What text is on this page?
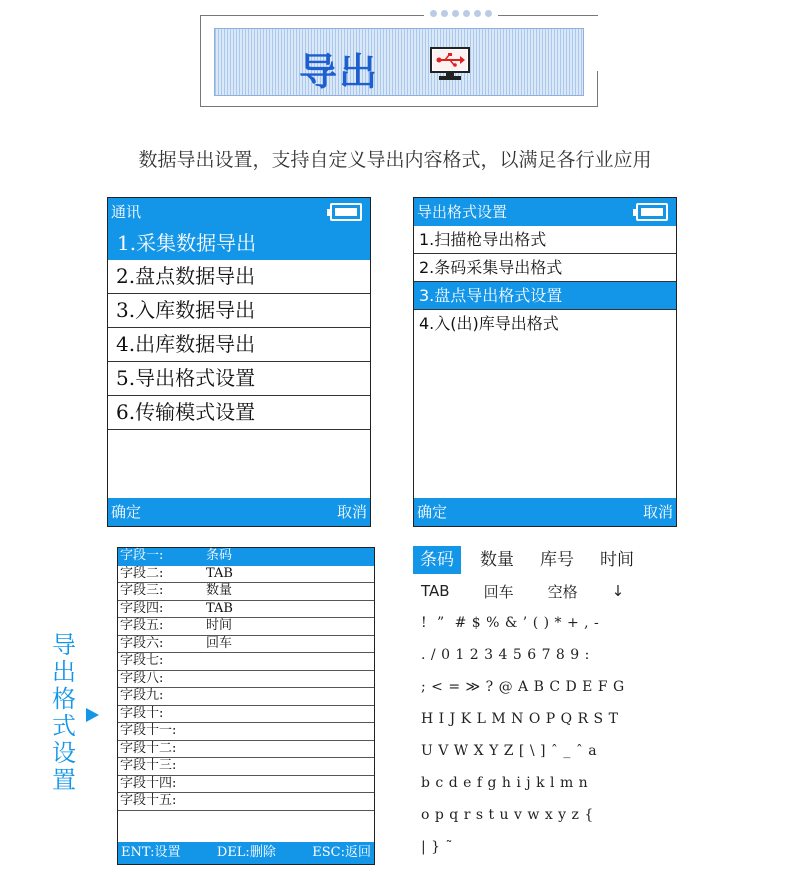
导出
数据导出设置，支持自定义导出内容格式，以满足各行业应用
通讯
1.采集数据导出
2.盘点数据导出
3.入库数据导出
4.出库数据导出
5.导出格式设置
6.传输模式设置
确定	取消
导出格式设置
1.扫描枪导出格式
2.条码采集导出格式
3.盘点导出格式设置
4.入(出)库导出格式
确定	取消
导
出
格
式
设
置
字段一:	条码
字段二:	TAB
字段三:	数量
字段四:	TAB
字段五:	时间
字段六:	回车
字段七:
字段八:
字段九:
字段十:
字段十一:
字段十二:
字段十三:
字段十四:
字段十五:
ENT:设置	DEL:删除	ESC:返回
条码	数量	库号	时间
TAB 回车 空格 ↓
!  ”  # $ % & ’ ( ) * + , -
. / 0 1 2 3 4 5 6 7 8 9 :
; < = ≫ ? @ A B C D E F G
H I J K L M N O P Q R S T
U V W X Y Z [ \ ] ˆ _ ˆ a
b c d e f g h i j k l m n
o p q r s t u v w x y z {
| } ˜
